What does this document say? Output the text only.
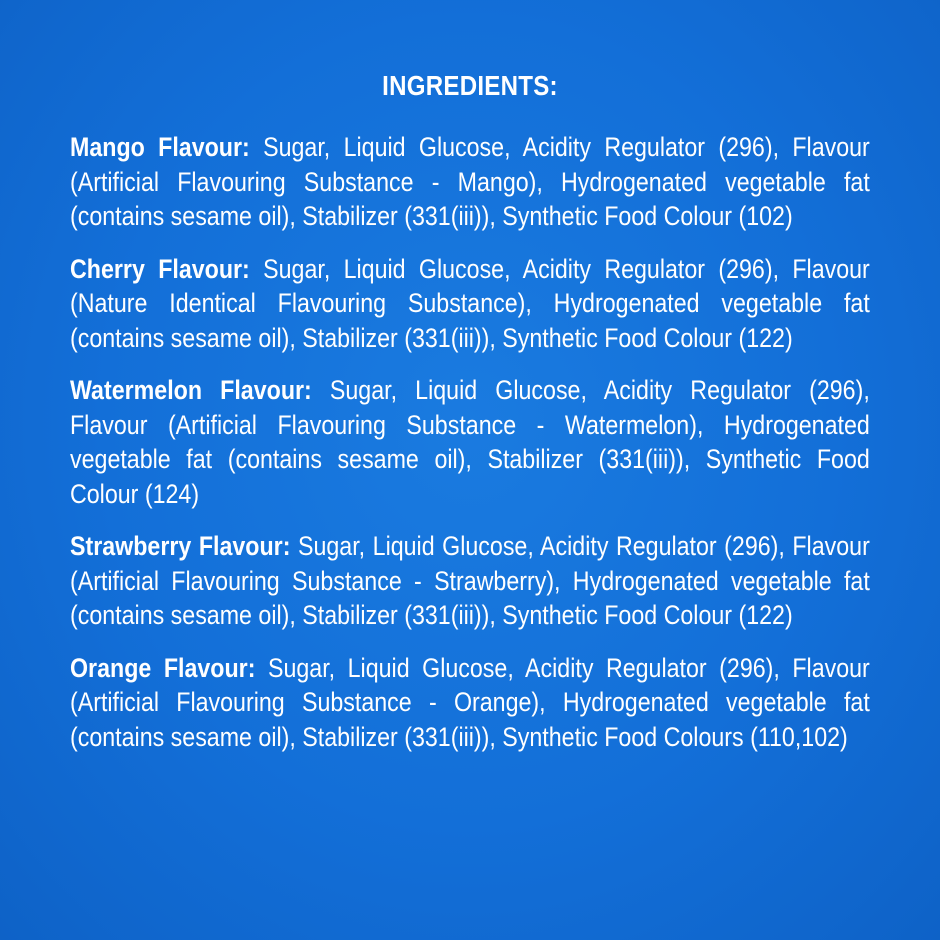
INGREDIENTS:

Mango Flavour: Sugar, Liquid Glucose, Acidity Regulator (296), Flavour (Artificial Flavouring Substance - Mango), Hydrogenated vegetable fat (contains sesame oil), Stabilizer (331(iii)), Synthetic Food Colour (102)

Cherry Flavour: Sugar, Liquid Glucose, Acidity Regulator (296), Flavour (Nature Identical Flavouring Substance), Hydrogenated vegetable fat (contains sesame oil), Stabilizer (331(iii)), Synthetic Food Colour (122)

Watermelon Flavour: Sugar, Liquid Glucose, Acidity Regulator (296), Flavour (Artificial Flavouring Substance - Watermelon), Hydrogenated vegetable fat (contains sesame oil), Stabilizer (331(iii)), Synthetic Food Colour (124)

Strawberry Flavour: Sugar, Liquid Glucose, Acidity Regulator (296), Flavour (Artificial Flavouring Substance - Strawberry), Hydrogenated vegetable fat (contains sesame oil), Stabilizer (331(iii)), Synthetic Food Colour (122)

Orange Flavour: Sugar, Liquid Glucose, Acidity Regulator (296), Flavour (Artificial Flavouring Substance - Orange), Hydrogenated vegetable fat (contains sesame oil), Stabilizer (331(iii)), Synthetic Food Colours (110,102)
